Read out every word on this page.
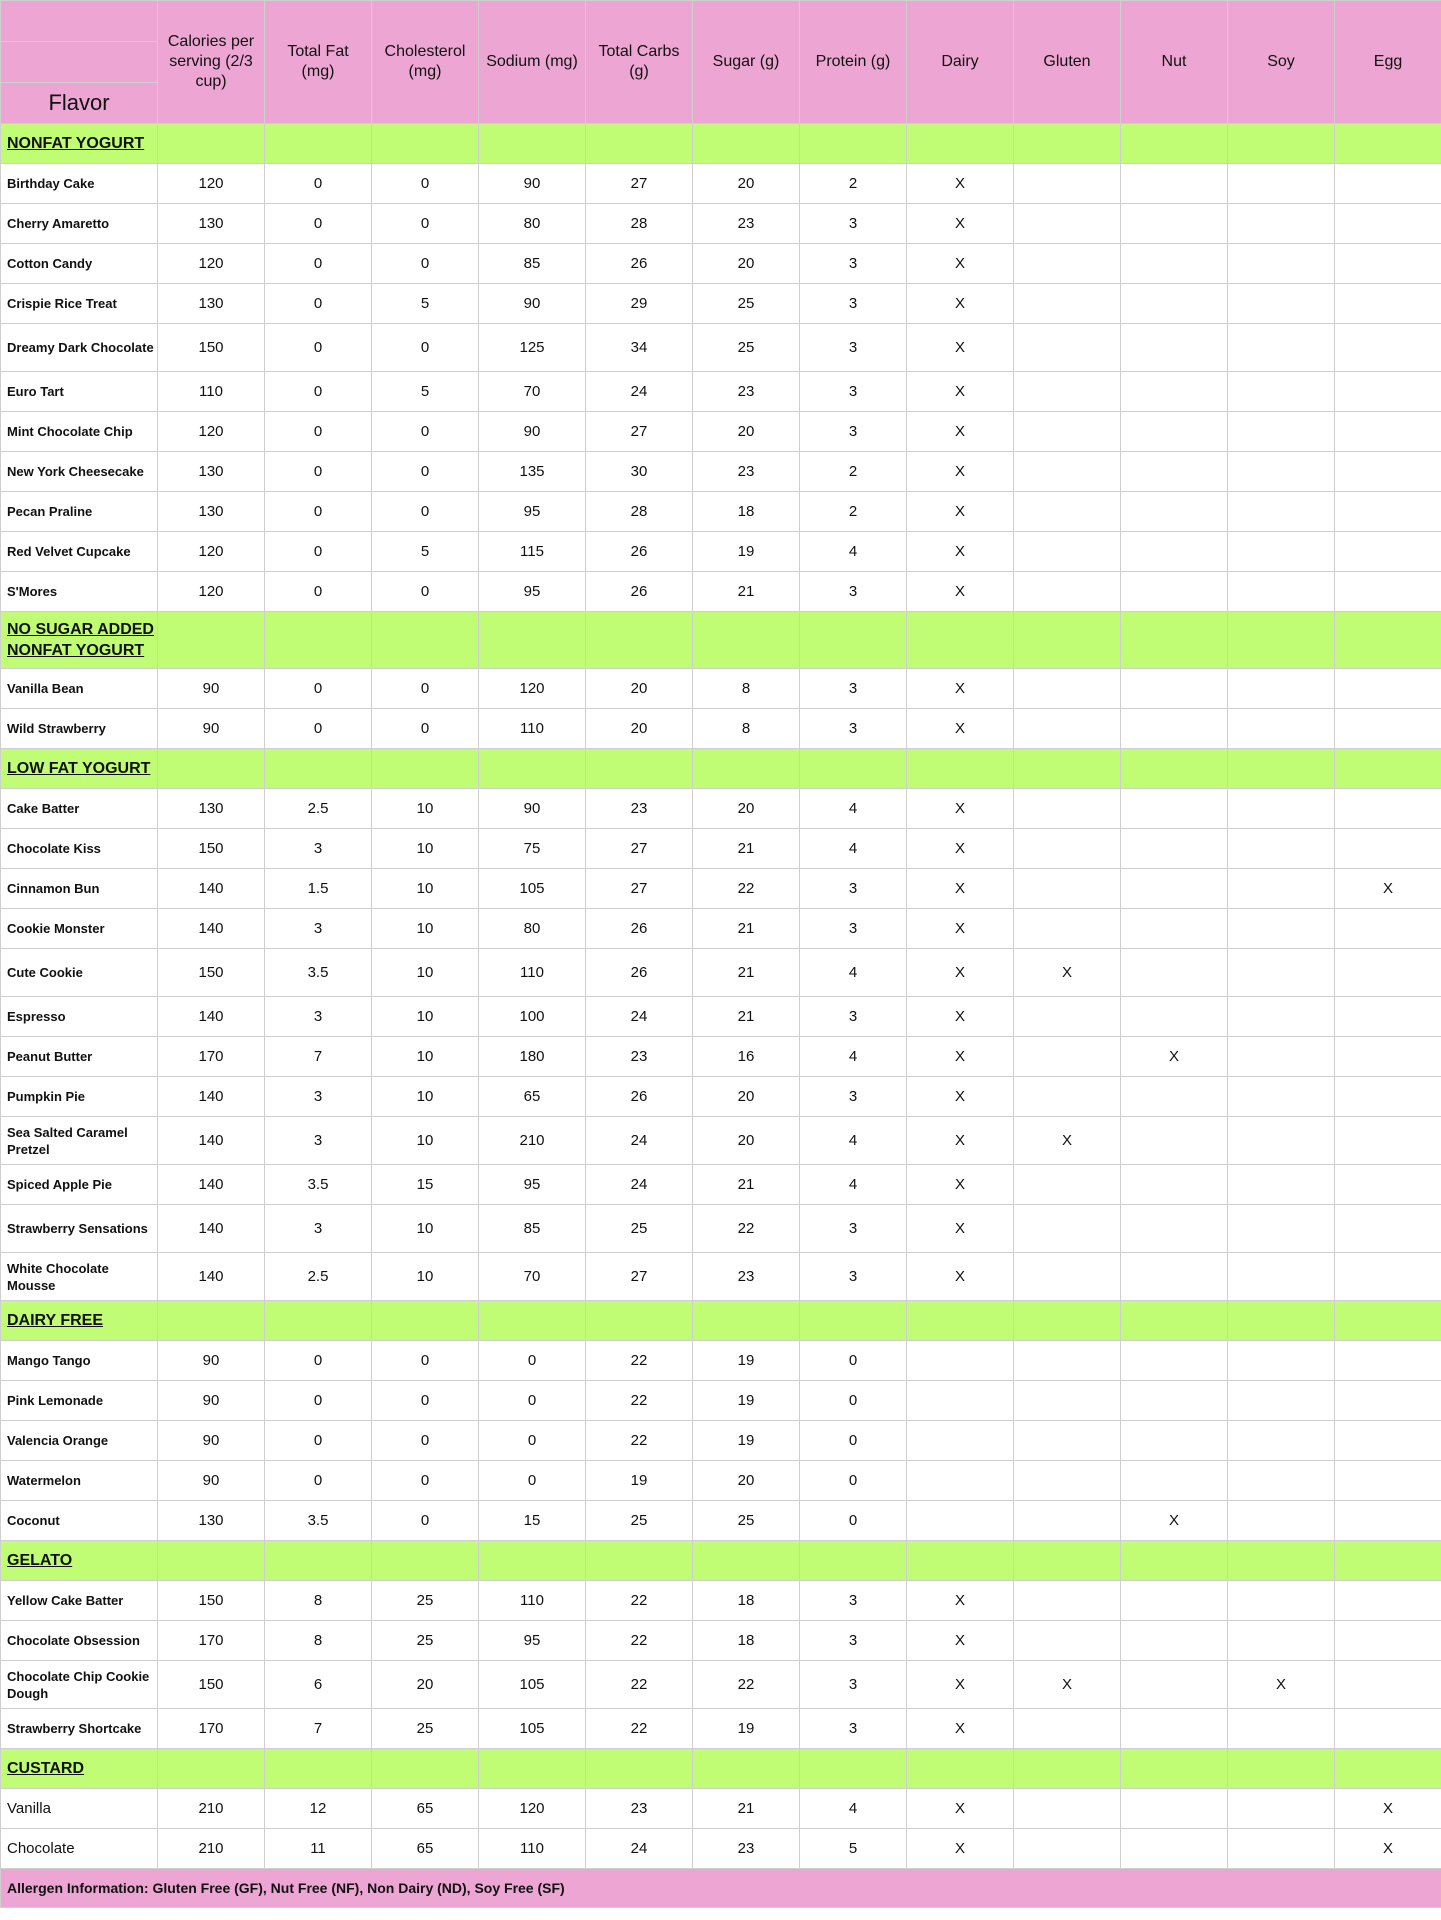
	Calories per serving (2/3 cup)	Total Fat (mg)	Cholesterol (mg)	Sodium (mg)	Total Carbs (g)	Sugar (g)	Protein (g)	Dairy	Gluten	Nut	Soy	Egg

Flavor												
NONFAT YOGURT												
Birthday Cake	120	0	0	90	27	20	2	X				
Cherry Amaretto	130	0	0	80	28	23	3	X				
Cotton Candy	120	0	0	85	26	20	3	X				
Crispie Rice Treat	130	0	5	90	29	25	3	X				
Dreamy Dark Chocolate	150	0	0	125	34	25	3	X				
Euro Tart	110	0	5	70	24	23	3	X				
Mint Chocolate Chip	120	0	0	90	27	20	3	X				
New York Cheesecake	130	0	0	135	30	23	2	X				
Pecan Praline	130	0	0	95	28	18	2	X				
Red Velvet Cupcake	120	0	5	115	26	19	4	X				
S'Mores	120	0	0	95	26	21	3	X				
NO SUGAR ADDED NONFAT YOGURT												
Vanilla Bean	90	0	0	120	20	8	3	X				
Wild Strawberry	90	0	0	110	20	8	3	X				
LOW FAT YOGURT												
Cake Batter	130	2.5	10	90	23	20	4	X				
Chocolate Kiss	150	3	10	75	27	21	4	X				
Cinnamon Bun	140	1.5	10	105	27	22	3	X				X
Cookie Monster	140	3	10	80	26	21	3	X				
Cute Cookie	150	3.5	10	110	26	21	4	X	X			
Espresso	140	3	10	100	24	21	3	X				
Peanut Butter	170	7	10	180	23	16	4	X		X		
Pumpkin Pie	140	3	10	65	26	20	3	X				
Sea Salted Caramel Pretzel	140	3	10	210	24	20	4	X	X			
Spiced Apple Pie	140	3.5	15	95	24	21	4	X				
Strawberry Sensations	140	3	10	85	25	22	3	X				
White Chocolate Mousse	140	2.5	10	70	27	23	3	X				
DAIRY FREE												
Mango Tango	90	0	0	0	22	19	0					
Pink Lemonade	90	0	0	0	22	19	0					
Valencia Orange	90	0	0	0	22	19	0					
Watermelon	90	0	0	0	19	20	0					
Coconut	130	3.5	0	15	25	25	0			X		
GELATO												
Yellow Cake Batter	150	8	25	110	22	18	3	X				
Chocolate Obsession	170	8	25	95	22	18	3	X				
Chocolate Chip Cookie Dough	150	6	20	105	22	22	3	X	X		X	
Strawberry Shortcake	170	7	25	105	22	19	3	X				
CUSTARD												
Vanilla	210	12	65	120	23	21	4	X				X
Chocolate	210	11	65	110	24	23	5	X				X
Allergen Information: Gluten Free (GF), Nut Free (NF), Non Dairy (ND), Soy Free (SF)												
